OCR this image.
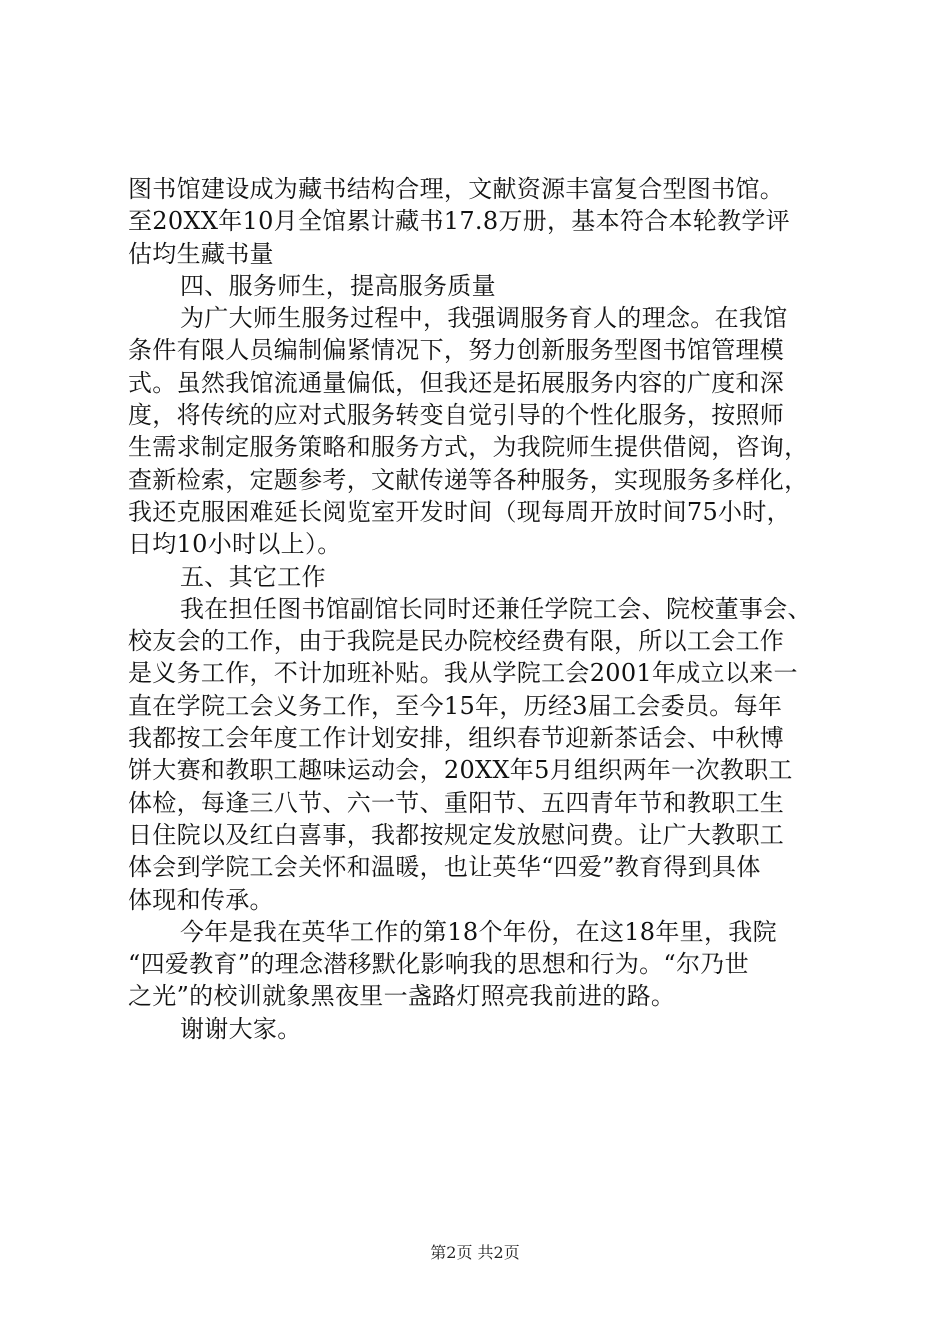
图书馆建设成为藏书结构合理，文献资源丰富复合型图书馆。
至20XX年10月全馆累计藏书17.8万册，基本符合本轮教学评
估均生藏书量
四、服务师生，提高服务质量
为广大师生服务过程中，我强调服务育人的理念。在我馆
条件有限人员编制偏紧情况下，努力创新服务型图书馆管理模
式。虽然我馆流通量偏低，但我还是拓展服务内容的广度和深
度，将传统的应对式服务转变自觉引导的个性化服务，按照师
生需求制定服务策略和服务方式，为我院师生提供借阅，咨询，
查新检索，定题参考，文献传递等各种服务，实现服务多样化，
我还克服困难延长阅览室开发时间（现每周开放时间75小时，
日均10小时以上）。
五、其它工作
我在担任图书馆副馆长同时还兼任学院工会、院校董事会、
校友会的工作，由于我院是民办院校经费有限，所以工会工作
是义务工作，不计加班补贴。我从学院工会2001年成立以来一
直在学院工会义务工作，至今15年，历经3届工会委员。每年
我都按工会年度工作计划安排，组织春节迎新茶话会、中秋博
饼大赛和教职工趣味运动会，20XX年5月组织两年一次教职工
体检，每逢三八节、六一节、重阳节、五四青年节和教职工生
日住院以及红白喜事，我都按规定发放慰问费。让广大教职工
体会到学院工会关怀和温暖，也让英华“四爱”教育得到具体
体现和传承。
今年是我在英华工作的第18个年份，在这18年里，我院
“四爱教育”的理念潜移默化影响我的思想和行为。“尔乃世
之光”的校训就象黑夜里一盏路灯照亮我前进的路。
谢谢大家。
第2页 共2页
